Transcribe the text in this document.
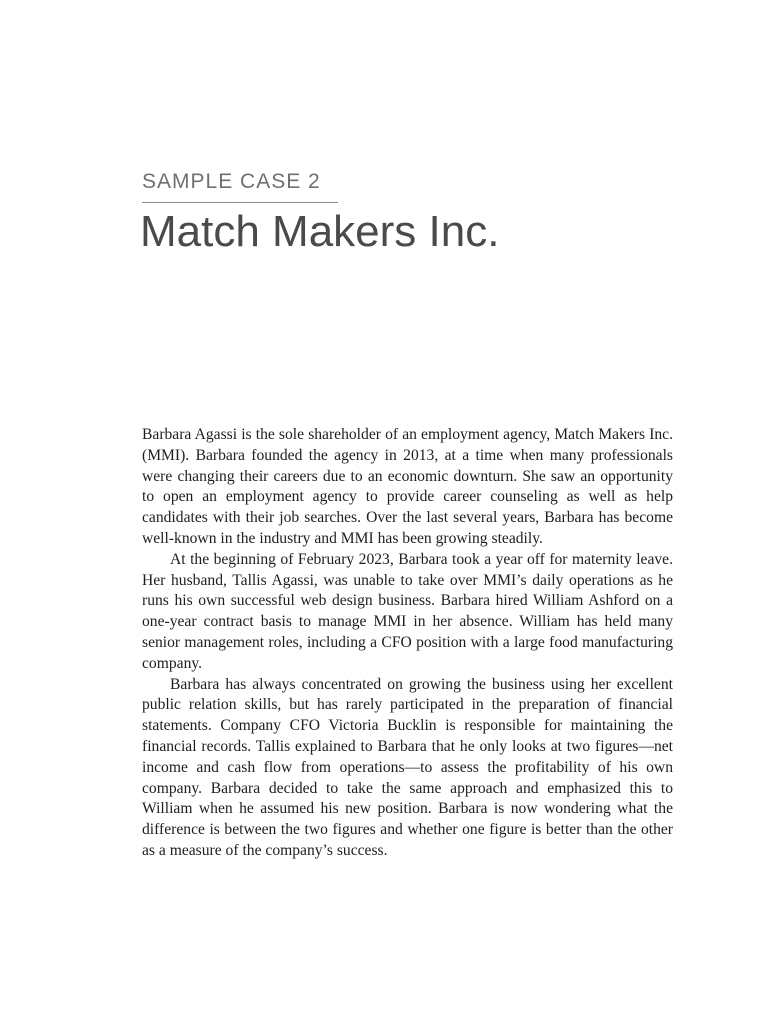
SAMPLE CASE 2
Match Makers Inc.

Barbara Agassi is the sole shareholder of an employment agency, Match Makers Inc. (MMI). Barbara founded the agency in 2013, at a time when many professionals were changing their careers due to an economic downturn. She saw an opportunity to open an employment agency to provide career counseling as well as help candidates with their job searches. Over the last several years, Barbara has become well-known in the industry and MMI has been growing steadily.

At the beginning of February 2023, Barbara took a year off for maternity leave. Her husband, Tallis Agassi, was unable to take over MMI’s daily operations as he runs his own successful web design business. Barbara hired William Ashford on a one-year contract basis to manage MMI in her absence. William has held many senior management roles, including a CFO position with a large food manufacturing company.

Barbara has always concentrated on growing the business using her excellent public relation skills, but has rarely participated in the preparation of financial statements. Company CFO Victoria Bucklin is responsible for maintaining the financial records. Tallis explained to Barbara that he only looks at two figures—net income and cash flow from operations—to assess the profitability of his own company. Barbara decided to take the same approach and emphasized this to William when he assumed his new position. Barbara is now wondering what the difference is between the two figures and whether one figure is better than the other as a measure of the company’s success.
